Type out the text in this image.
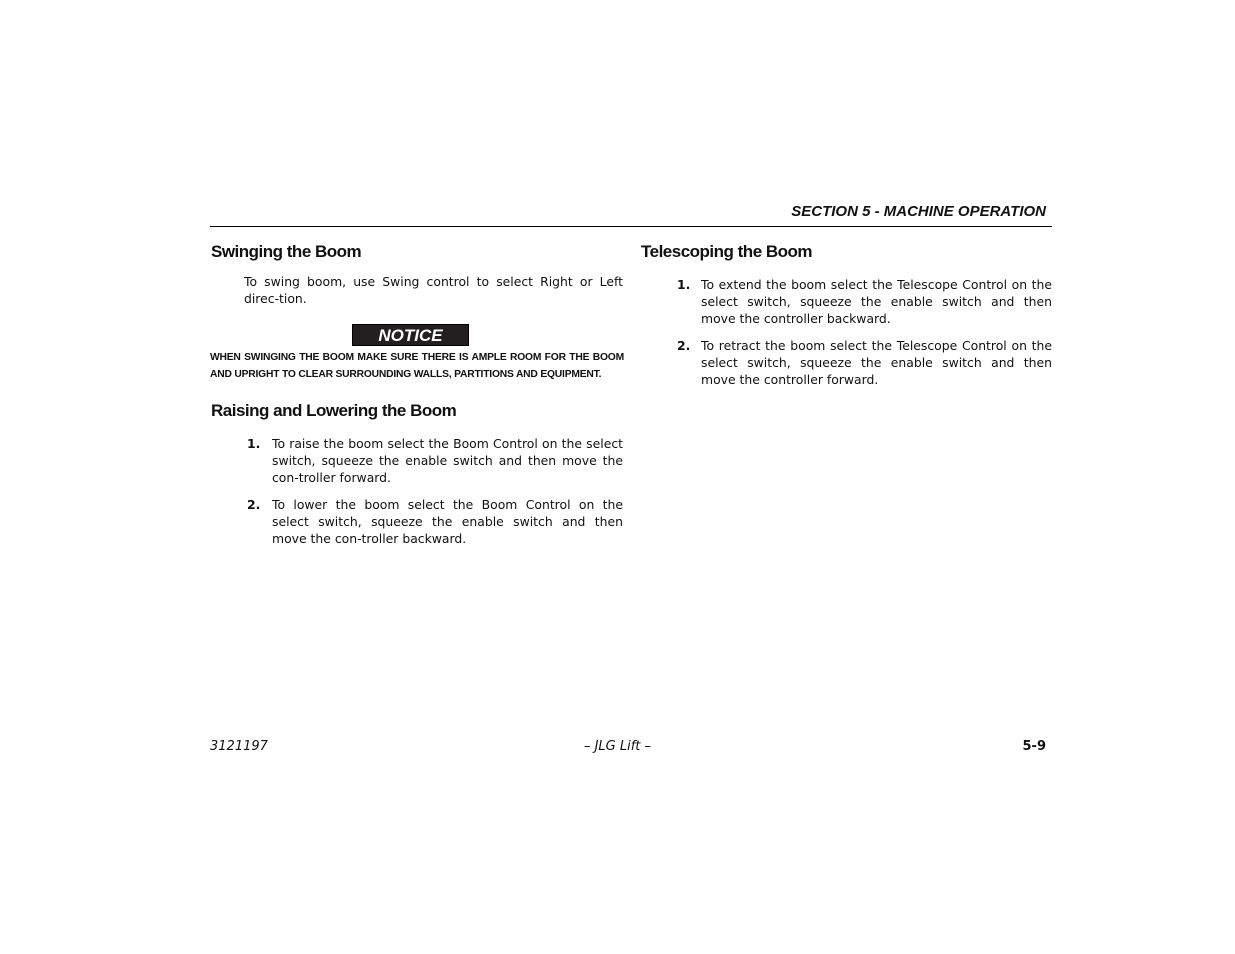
SECTION 5 - MACHINE OPERATION
Swinging the Boom
To swing boom, use Swing control to select Right or Left direc-tion.
NOTICE
WHEN SWINGING THE BOOM MAKE SURE THERE IS AMPLE ROOM FOR THE BOOM AND UPRIGHT TO CLEAR SURROUNDING WALLS, PARTITIONS AND EQUIPMENT.
Raising and Lowering the Boom
1. To raise the boom select the Boom Control on the select switch, squeeze the enable switch and then move the con-troller forward.
2. To lower the boom select the Boom Control on the select switch, squeeze the enable switch and then move the con-troller backward.
Telescoping the Boom
1. To extend the boom select the Telescope Control on the select switch, squeeze the enable switch and then move the controller backward.
2. To retract the boom select the Telescope Control on the select switch, squeeze the enable switch and then move the controller forward.
3121197	– JLG Lift –	5-9
